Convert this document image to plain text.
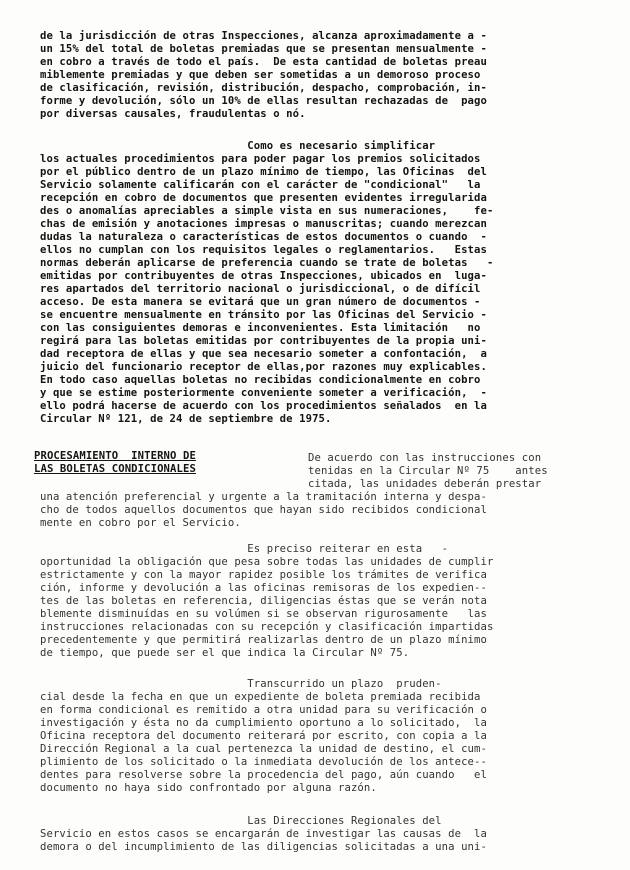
de la jurisdicción de otras Inspecciones, alcanza aproximadamente a -
un 15% del total de boletas premiadas que se presentan mensualmente -
en cobro a través de todo el país.  De esta cantidad de boletas preau
miblemente premiadas y que deben ser sometidas a un demoroso proceso
de clasificación, revisión, distribución, despacho, comprobación, in-
forme y devolución, sólo un 10% de ellas resultan rechazadas de  pago
por diversas causales, fraudulentas o nó.
Como es necesario simplificar
los actuales procedimientos para poder pagar los premios solicitados
por el público dentro de un plazo mínimo de tiempo, las Oficinas  del
Servicio solamente calificarán con el carácter de "condicional"   la
recepción en cobro de documentos que presenten evidentes irregularida
des o anomalías apreciables a simple vista en sus numeraciones,    fe-
chas de emisión y anotaciones impresas o manuscritas; cuando merezcan
dudas la naturaleza o características de estos documentos o cuando  -
ellos no cumplan con los requisitos legales o reglamentarios.   Estas
normas deberán aplicarse de preferencia cuando se trate de boletas   -
emitidas por contribuyentes de otras Inspecciones, ubicados en  luga-
res apartados del territorio nacional o jurisdiccional, o de difícil
acceso. De esta manera se evitará que un gran número de documentos -
se encuentre mensualmente en tránsito por las Oficinas del Servicio -
con las consiguientes demoras e inconvenientes. Esta limitación   no
regirá para las boletas emitidas por contribuyentes de la propia uni-
dad receptora de ellas y que sea necesario someter a confontación,  a
juicio del funcionario receptor de ellas,por razones muy explicables.
En todo caso aquellas boletas no recibidas condicionalmente en cobro
y que se estime posteriormente conveniente someter a verificación,  -
ello podrá hacerse de acuerdo con los procedimientos señalados  en la
Circular Nº 121, de 24 de septiembre de 1975.
PROCESAMIENTO  INTERNO DE
LAS BOLETAS CONDICIONALES
De acuerdo con las instrucciones con
tenidas en la Circular Nº 75    antes
citada, las unidades deberán prestar
una atención preferencial y urgente a la tramitación interna y despa-
cho de todos aquellos documentos que hayan sido recibidos condicional
mente en cobro por el Servicio.
Es preciso reiterar en esta   -
oportunidad la obligación que pesa sobre todas las unidades de cumplir
estrictamente y con la mayor rapidez posible los trámites de verifica
ción, informe y devolución a las oficinas remisoras de los expedien--
tes de las boletas en referencia, diligencias éstas que se verán nota
blemente disminuídas en su volúmen si se observan rigurosamente   las
instrucciones relacionadas con su recepción y clasificación impartidas
precedentemente y que permitirá realizarlas dentro de un plazo mínimo
de tiempo, que puede ser el que indica la Circular Nº 75.
Transcurrido un plazo  pruden-
cial desde la fecha en que un expediente de boleta premiada recibida
en forma condicional es remitido a otra unidad para su verificación o
investigación y ésta no da cumplimiento oportuno a lo solicitado,  la
Oficina receptora del documento reiterará por escrito, con copia a la
Dirección Regional a la cual pertenezca la unidad de destino, el cum-
plimiento de los solicitado o la inmediata devolución de los antece--
dentes para resolverse sobre la procedencia del pago, aún cuando   el
documento no haya sido confrontado por alguna razón.
Las Direcciones Regionales del
Servicio en estos casos se encargarán de investigar las causas de  la
demora o del incumplimiento de las diligencias solicitadas a una uni-
